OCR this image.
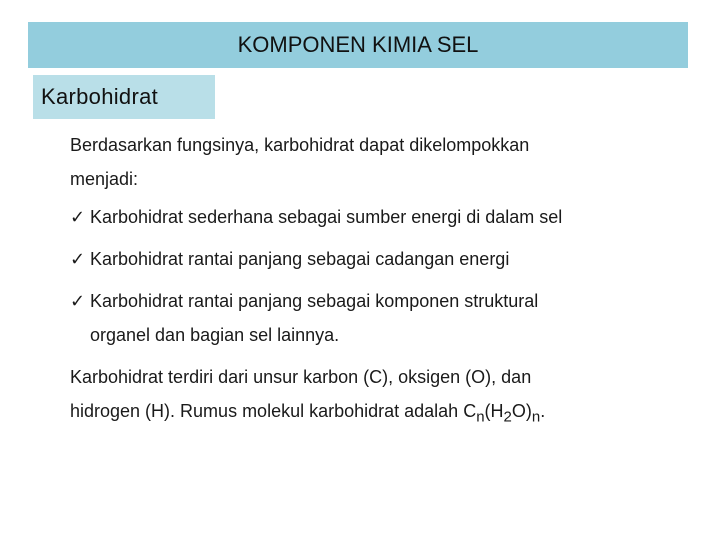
KOMPONEN KIMIA SEL
Karbohidrat

Berdasarkan fungsinya, karbohidrat dapat dikelompokkan
menjadi:

✓ Karbohidrat sederhana sebagai sumber energi di dalam sel
✓ Karbohidrat rantai panjang sebagai cadangan energi
✓ Karbohidrat rantai panjang sebagai komponen struktural
organel dan bagian sel lainnya.

Karbohidrat terdiri dari unsur karbon (C), oksigen (O), dan
hidrogen (H). Rumus molekul karbohidrat adalah $C_n(H_2O)_n$.
